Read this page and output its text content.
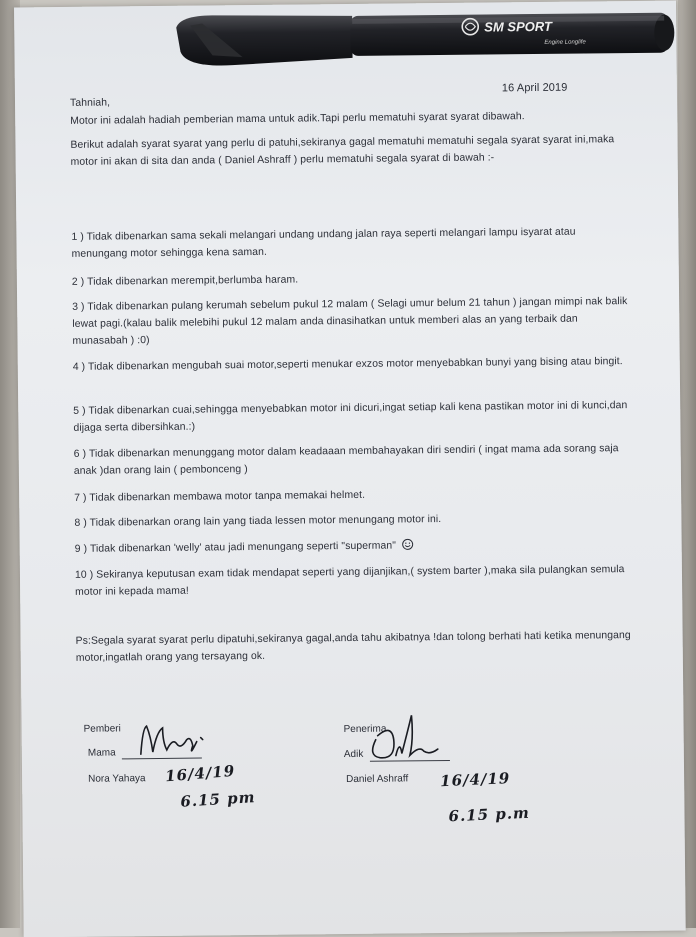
SM SPORT
Engine Longlife
16 April 2019
Tahniah,
Motor ini adalah hadiah pemberian mama untuk adik.Tapi perlu mematuhi syarat syarat dibawah.
Berikut adalah syarat syarat yang perlu di patuhi,sekiranya gagal mematuhi mematuhi segala syarat syarat ini,maka motor ini akan di sita dan anda ( Daniel Ashraff ) perlu mematuhi segala syarat di bawah :-
1 ) Tidak dibenarkan sama sekali melangari undang undang jalan raya seperti melangari lampu isyarat atau menungang motor sehingga kena saman.
2 ) Tidak dibenarkan merempit,berlumba haram.
3 ) Tidak dibenarkan pulang kerumah sebelum pukul 12 malam ( Selagi umur belum 21 tahun ) jangan mimpi nak balik lewat pagi.(kalau balik melebihi pukul 12 malam anda dinasihatkan untuk memberi alas an yang terbaik dan munasabah ) :0)
4 ) Tidak dibenarkan mengubah suai motor,seperti menukar exzos motor menyebabkan bunyi yang bising atau bingit.
5 ) Tidak dibenarkan cuai,sehingga menyebabkan motor ini dicuri,ingat setiap kali kena pastikan motor ini di kunci,dan dijaga serta dibersihkan.:)
6 ) Tidak dibenarkan menunggang motor dalam keadaaan membahayakan diri sendiri ( ingat mama ada sorang saja anak )dan orang lain ( pembonceng )
7 ) Tidak dibenarkan membawa motor tanpa memakai helmet.
8 ) Tidak dibenarkan orang lain yang tiada lessen motor menungang motor ini.
9 ) Tidak dibenarkan 'welly' atau jadi menungang seperti "superman"
10 ) Sekiranya keputusan exam tidak mendapat seperti yang dijanjikan,( system barter ),maka sila pulangkan semula motor ini kepada mama!
Ps:Segala syarat syarat perlu dipatuhi,sekiranya gagal,anda tahu akibatnya !dan tolong berhati hati ketika menungang motor,ingatlah orang yang tersayang ok.
Pemberi
Mama
Nora Yahaya 16/4/19
6.15 pm
Penerima
Adik
Daniel Ashraff 16/4/19
6.15 p.m
